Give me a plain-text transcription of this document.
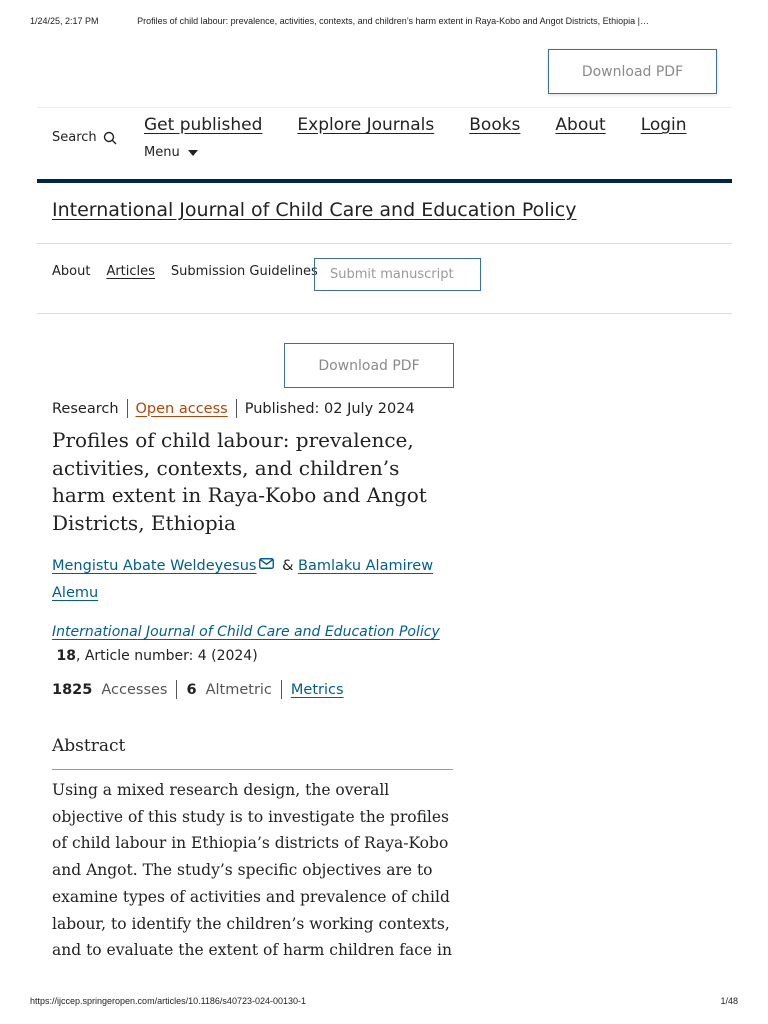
1/24/25, 2:17 PM	Profiles of child labour: prevalence, activities, contexts, and children’s harm extent in Raya-Kobo and Angot Districts, Ethiopia |…
Download PDF
Search
Get published Explore Journals Books About Login
Menu
International Journal of Child Care and Education Policy
About Articles Submission Guidelines Submit manuscript
Download PDF
Research Open access Published: 02 July 2024
Profiles of child labour: prevalence, activities, contexts, and children’s harm extent in Raya-Kobo and Angot Districts, Ethiopia
Mengistu Abate Weldeyesus & Bamlaku Alamirew Alemu
International Journal of Child Care and Education Policy
18, Article number: 4 (2024)
1825 Accesses 6 Altmetric Metrics
Abstract

Using a mixed research design, the overall objective of this study is to investigate the profiles of child labour in Ethiopia’s districts of Raya-Kobo and Angot. The study’s specific objectives are to examine types of activities and prevalence of child labour, to identify the children’s working contexts, and to evaluate the extent of harm children face in

https://ijccep.springeropen.com/articles/10.1186/s40723-024-00130-1	1/48
